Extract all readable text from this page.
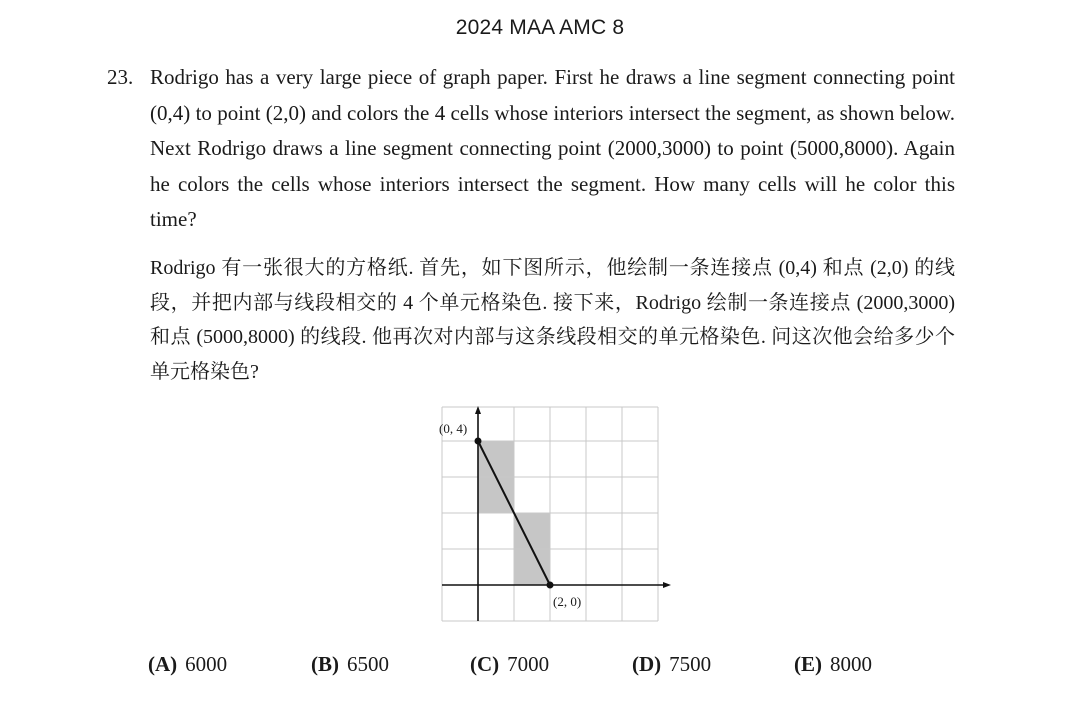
2024 MAA AMC 8
23. Rodrigo has a very large piece of graph paper. First he draws a line segment connecting point (0,4) to point (2,0) and colors the 4 cells whose interiors intersect the segment, as shown below. Next Rodrigo draws a line segment connecting point (2000,3000) to point (5000,8000). Again he colors the cells whose interiors intersect the segment. How many cells will he color this time?
Rodrigo 有一张很大的方格纸. 首先，如下图所示，他绘制一条连接点 (0,4) 和点 (2,0) 的线段，并把内部与线段相交的 4 个单元格染色. 接下来，Rodrigo 绘制一条连接点 (2000,3000) 和点 (5000,8000) 的线段. 他再次对内部与这条线段相交的单元格染色. 问这次他会给多少个单元格染色?
(0, 4)
(2, 0)
(A) 6000	(B) 6500	(C) 7000	(D) 7500	(E) 8000
